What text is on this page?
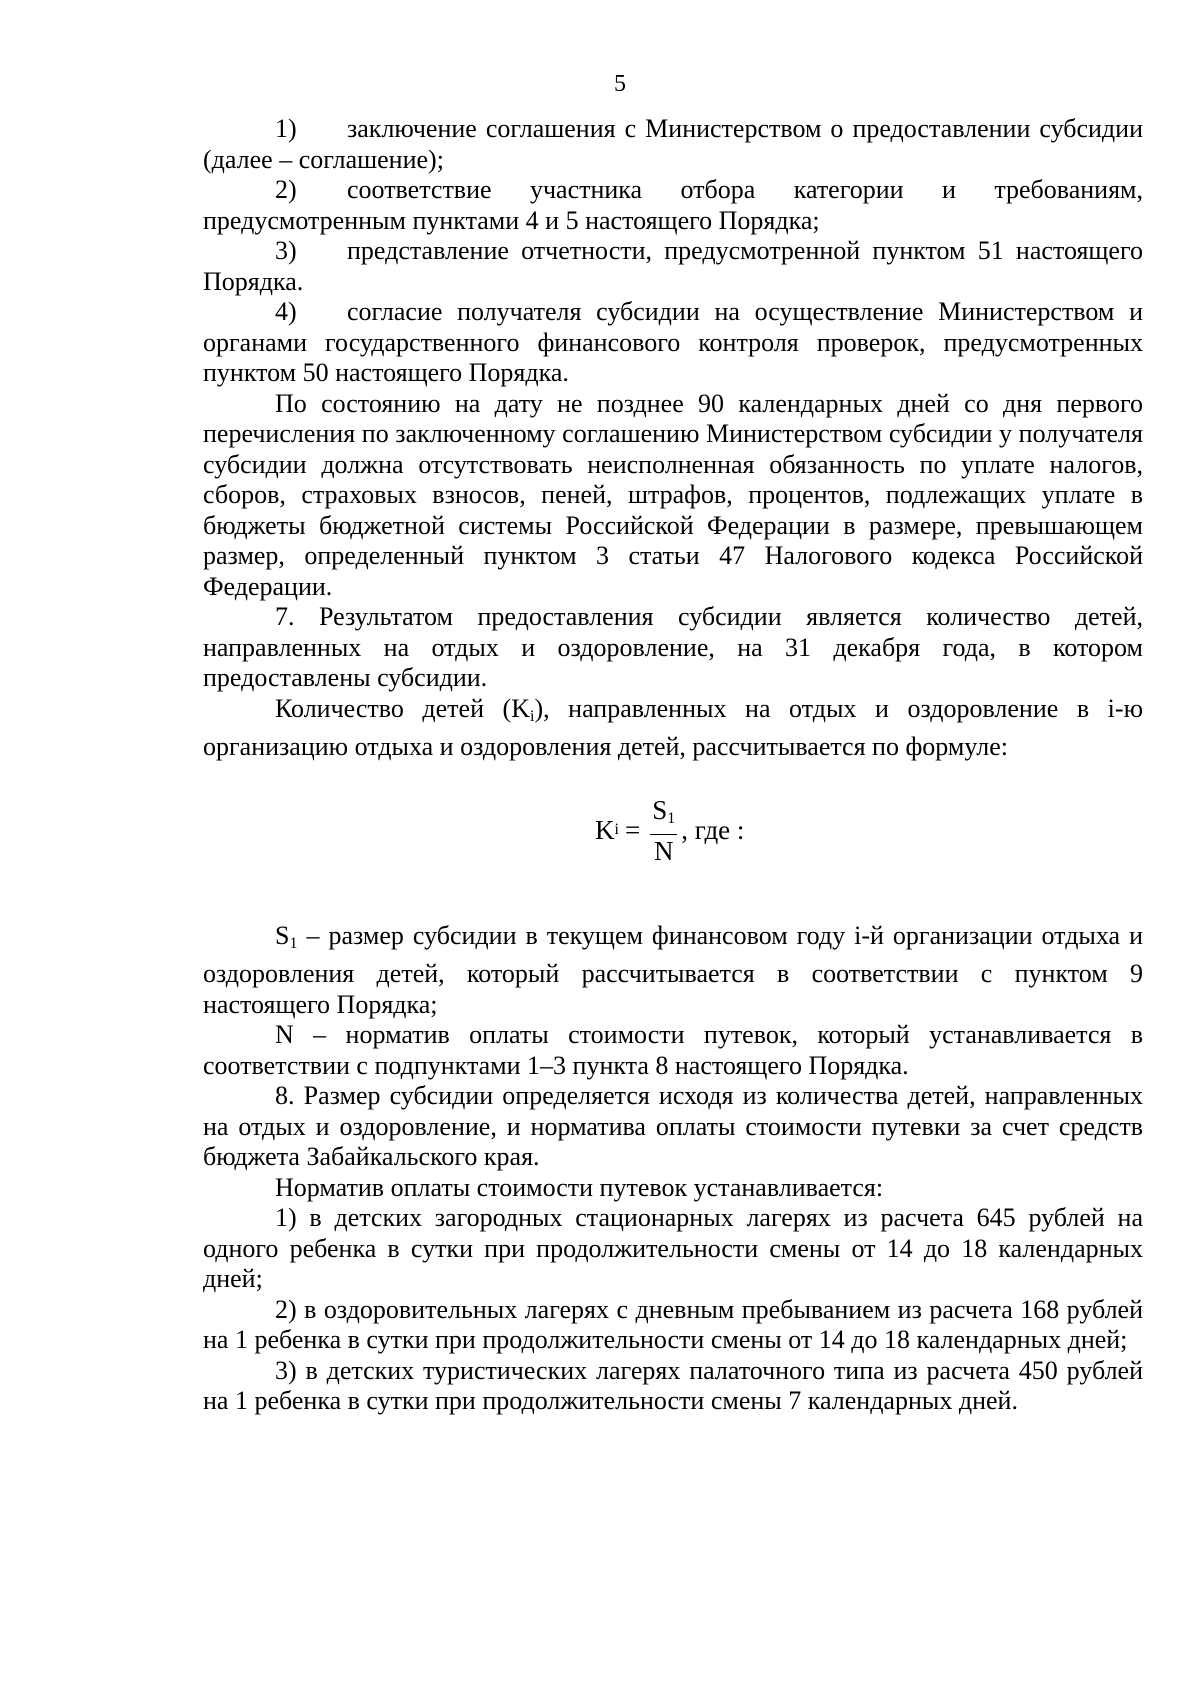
5

1) заключение соглашения с Министерством о предоставлении субсидии (далее – соглашение);

2) соответствие участника отбора категории и требованиям, предусмотренным пунктами 4 и 5 настоящего Порядка;

3) представление отчетности, предусмотренной пунктом 51 настоящего Порядка.

4) согласие получателя субсидии на осуществление Министерством и органами государственного финансового контроля проверок, предусмотренных пунктом 50 настоящего Порядка.

По состоянию на дату не позднее 90 календарных дней со дня первого перечисления по заключенному соглашению Министерством субсидии у получателя субсидии должна отсутствовать неисполненная обязанность по уплате налогов, сборов, страховых взносов, пеней, штрафов, процентов, подлежащих уплате в бюджеты бюджетной системы Российской Федерации в размере, превышающем размер, определенный пунктом 3 статьи 47 Налогового кодекса Российской Федерации.

7. Результатом предоставления субсидии является количество детей, направленных на отдых и оздоровление, на 31 декабря года, в котором предоставлены субсидии.

Количество детей $(K_i)$, направленных на отдых и оздоровление в i-ю организацию отдыха и оздоровления детей, рассчитывается по формуле:

K $i = \frac{S_1}{N}$ , где :

$S_1$ – размер субсидии в текущем финансовом году i-й организации отдыха и оздоровления детей, который рассчитывается в соответствии с пунктом 9 настоящего Порядка;

N – норматив оплаты стоимости путевок, который устанавливается в соответствии с подпунктами 1–3 пункта 8 настоящего Порядка.

8. Размер субсидии определяется исходя из количества детей, направленных на отдых и оздоровление, и норматива оплаты стоимости путевки за счет средств бюджета Забайкальского края.

Норматив оплаты стоимости путевок устанавливается:

1) в детских загородных стационарных лагерях из расчета 645 рублей на одного ребенка в сутки при продолжительности смены от 14 до 18 календарных дней;

2) в оздоровительных лагерях с дневным пребыванием из расчета 168 рублей на 1 ребенка в сутки при продолжительности смены от 14 до 18 календарных дней;

3) в детских туристических лагерях палаточного типа из расчета 450 рублей на 1 ребенка в сутки при продолжительности смены 7 календарных дней.
